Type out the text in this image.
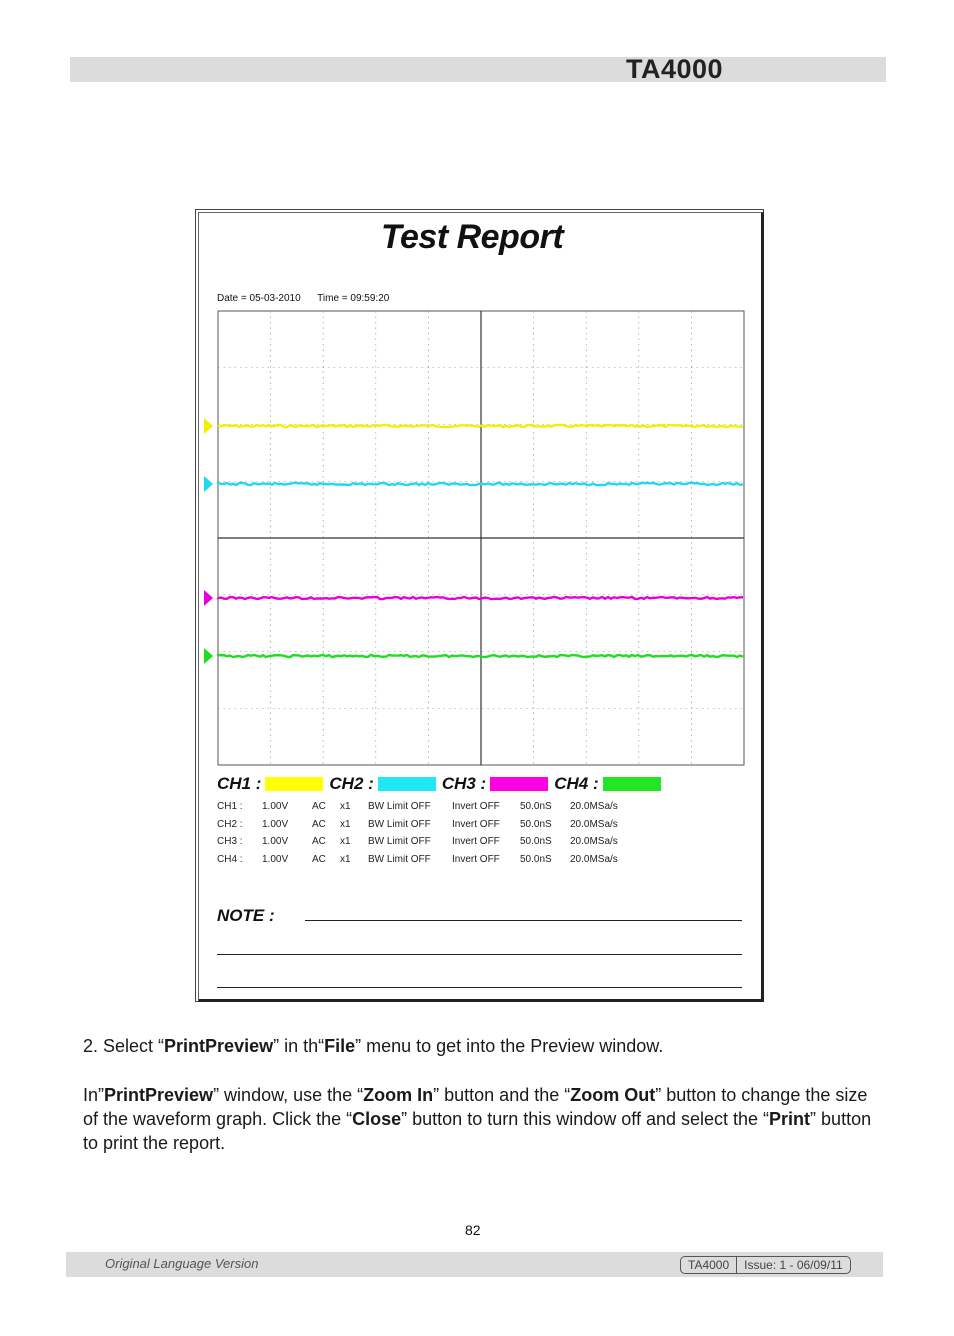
TA4000
Test Report
Date = 05-03-2010      Time = 09:59:20
CH1 :	CH2 :	CH3 :	CH4 :
CH1 :	1.00V	AC	x1	BW Limit OFF	Invert OFF	50.0nS	20.0MSa/s
CH2 :	1.00V	AC	x1	BW Limit OFF	Invert OFF	50.0nS	20.0MSa/s
CH3 :	1.00V	AC	x1	BW Limit OFF	Invert OFF	50.0nS	20.0MSa/s
CH4 :	1.00V	AC	x1	BW Limit OFF	Invert OFF	50.0nS	20.0MSa/s
NOTE :
2. Select “PrintPreview” in th“File” menu to get into the Preview window.
In”PrintPreview” window, use the “Zoom In” button and the “Zoom Out” button to change the size of the waveform graph. Click the “Close” button to turn this window off and select the “Print” button to print the report.
82
Original Language Version	TA4000	Issue: 1 - 06/09/11
